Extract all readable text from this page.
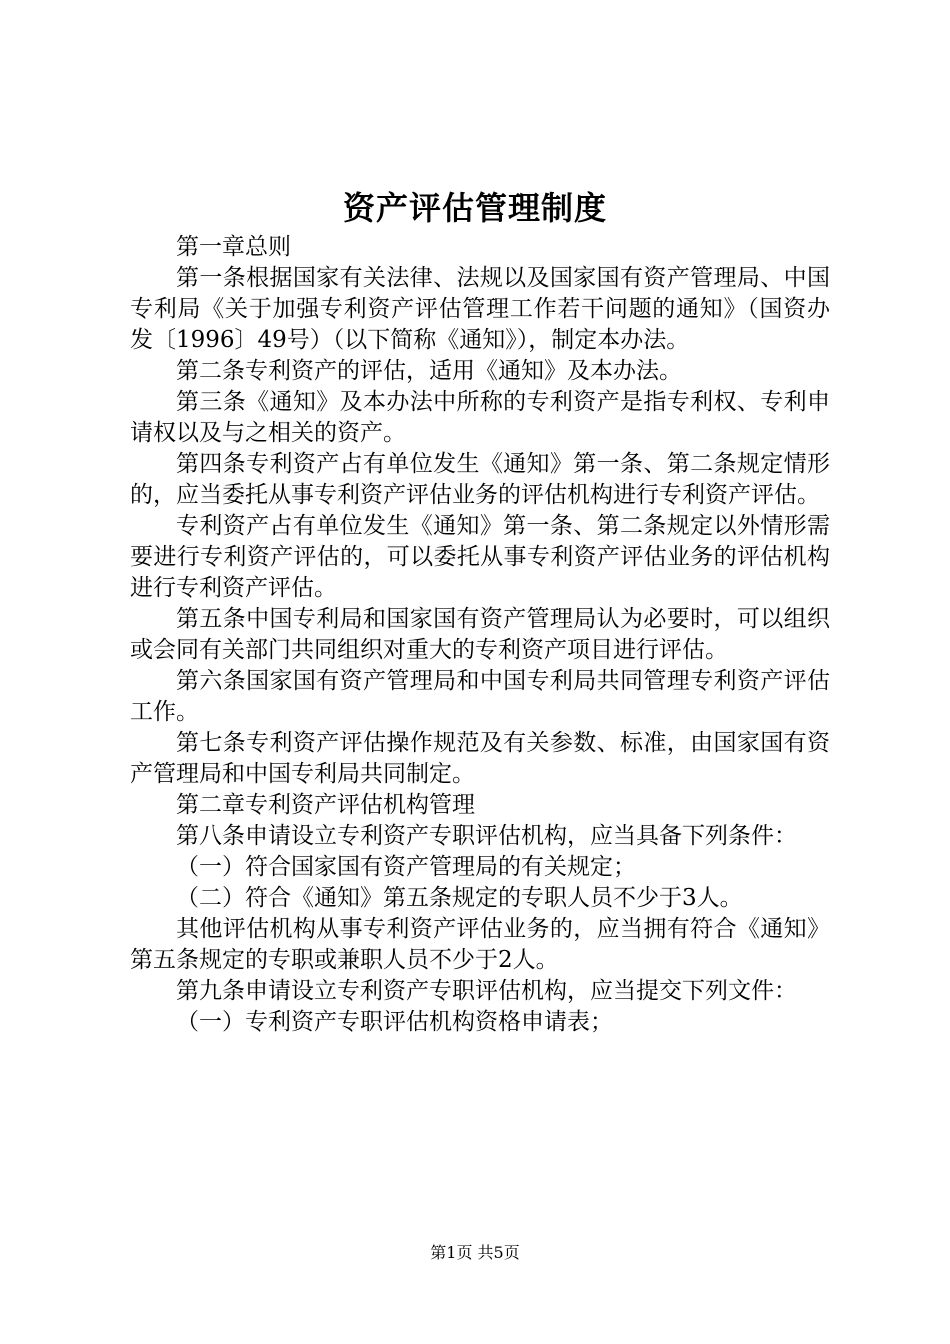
资产评估管理制度

第一章总则

第一条根据国家有关法律、法规以及国家国有资产管理局、中国专利局《关于加强专利资产评估管理工作若干问题的通知》（国资办发〔1996〕49号）（以下简称《通知》），制定本办法。

第二条专利资产的评估，适用《通知》及本办法。

第三条《通知》及本办法中所称的专利资产是指专利权、专利申请权以及与之相关的资产。

第四条专利资产占有单位发生《通知》第一条、第二条规定情形的，应当委托从事专利资产评估业务的评估机构进行专利资产评估。

专利资产占有单位发生《通知》第一条、第二条规定以外情形需要进行专利资产评估的，可以委托从事专利资产评估业务的评估机构进行专利资产评估。

第五条中国专利局和国家国有资产管理局认为必要时，可以组织或会同有关部门共同组织对重大的专利资产项目进行评估。

第六条国家国有资产管理局和中国专利局共同管理专利资产评估工作。

第七条专利资产评估操作规范及有关参数、标准，由国家国有资产管理局和中国专利局共同制定。

第二章专利资产评估机构管理

第八条申请设立专利资产专职评估机构，应当具备下列条件：

（一）符合国家国有资产管理局的有关规定；

（二）符合《通知》第五条规定的专职人员不少于3人。

其他评估机构从事专利资产评估业务的，应当拥有符合《通知》第五条规定的专职或兼职人员不少于2人。

第九条申请设立专利资产专职评估机构，应当提交下列文件：

（一）专利资产专职评估机构资格申请表；

第1页 共5页
